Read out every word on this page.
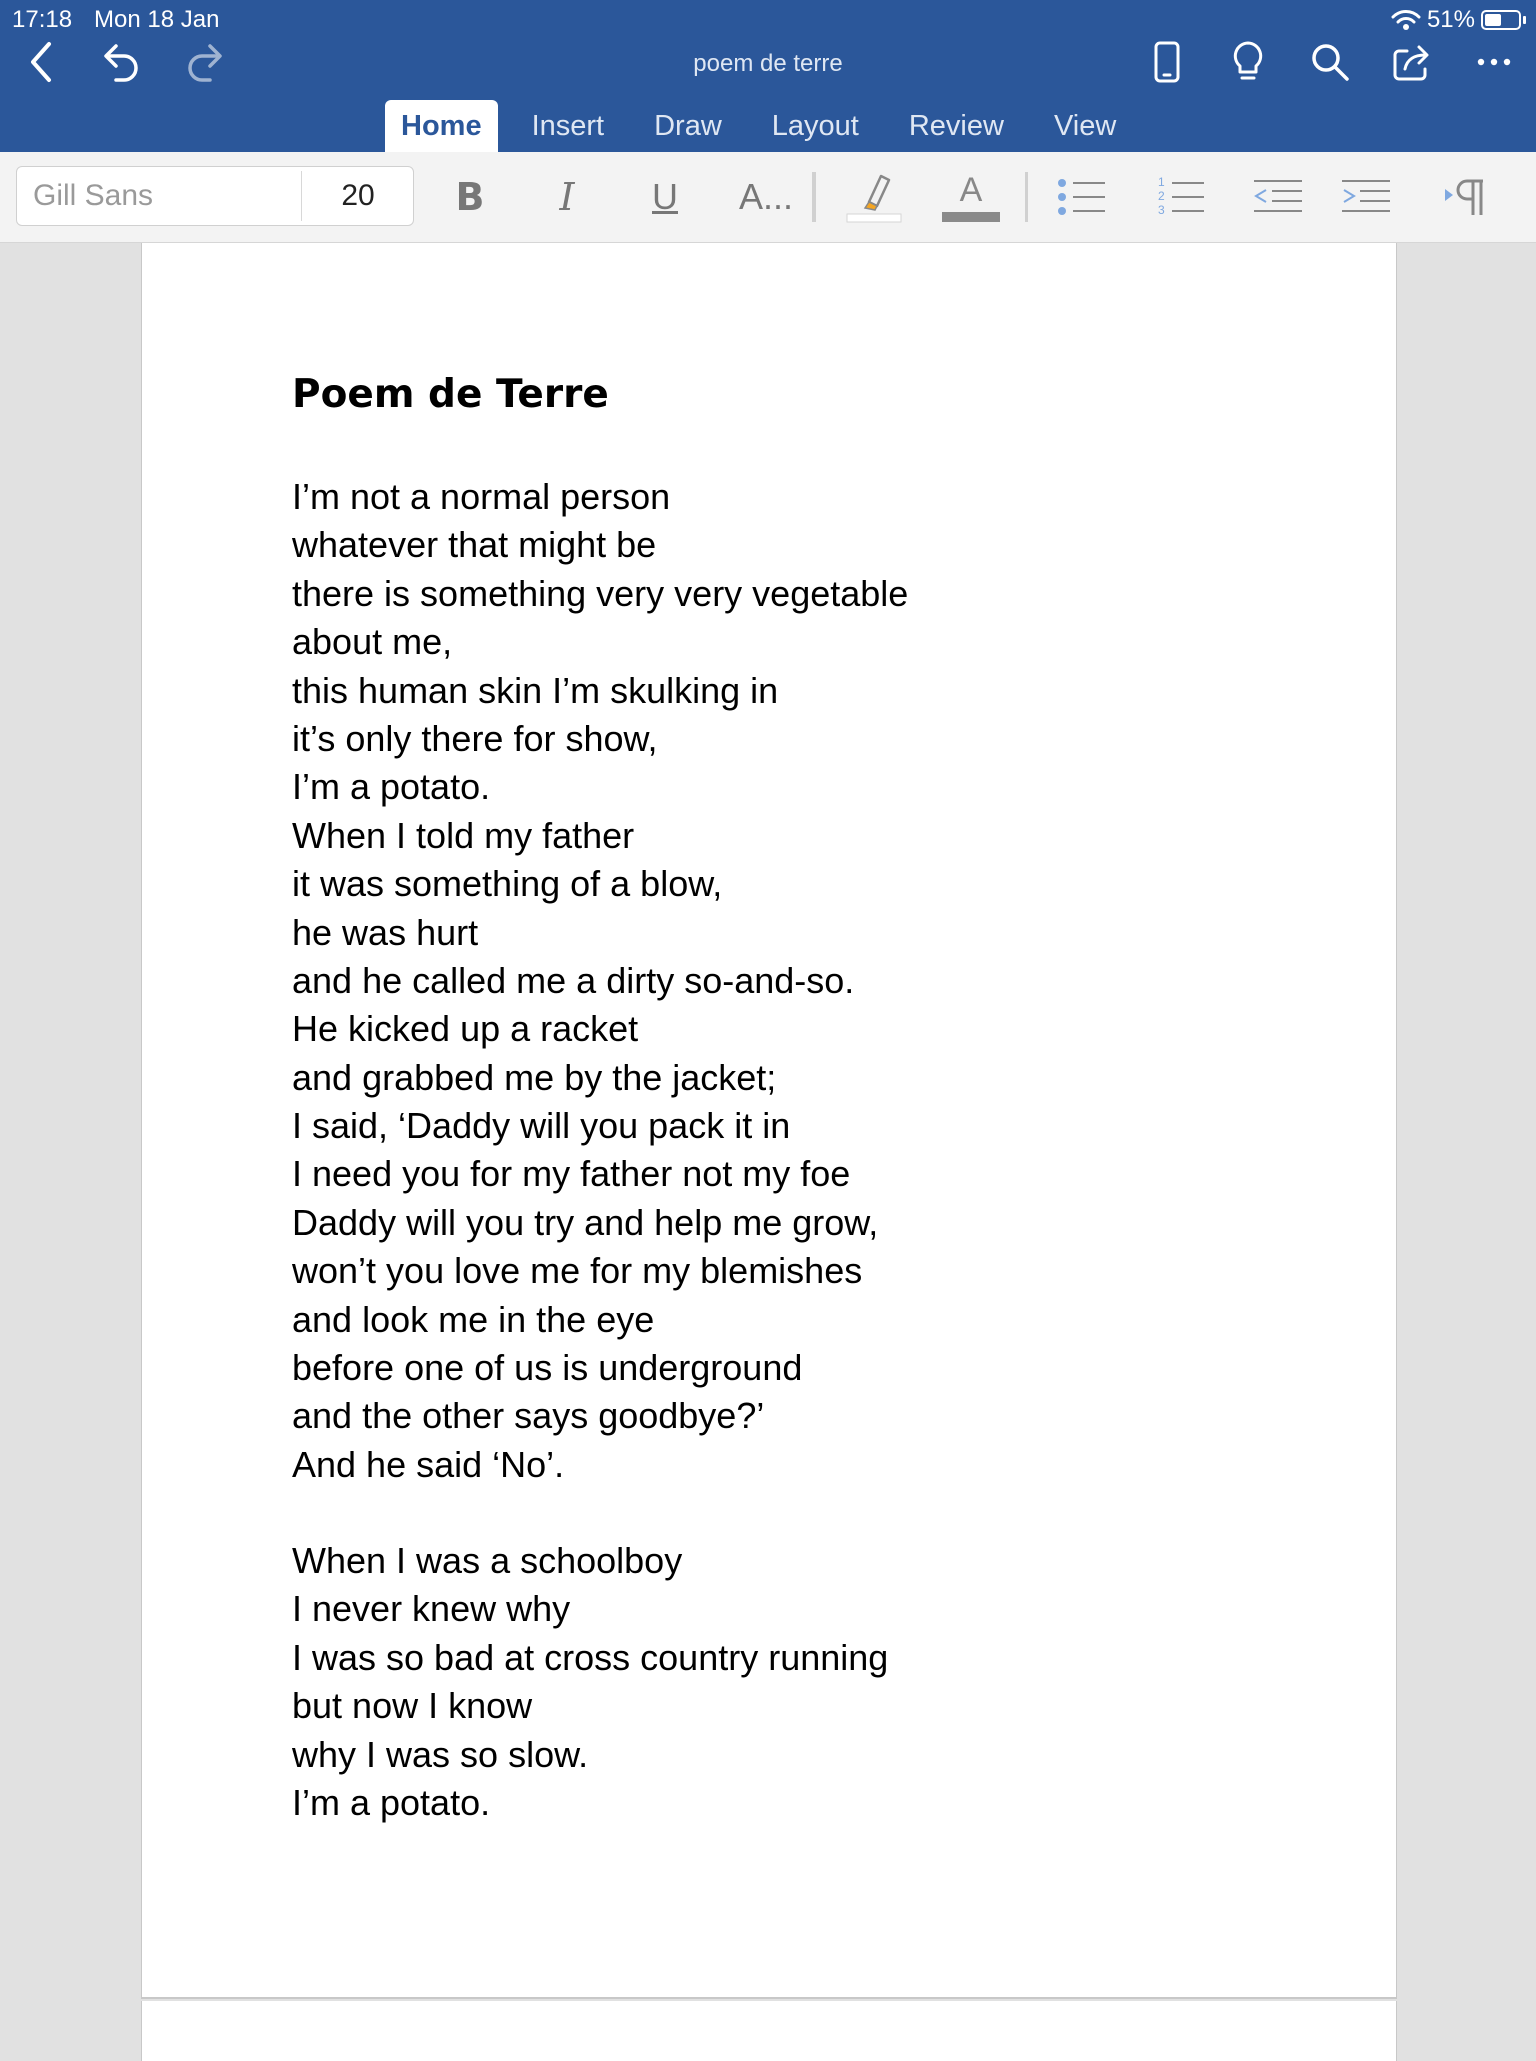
17:18 Mon 18 Jan	51%
poem de terre
Home	Insert	Draw	Layout	Review	View
Gill Sans	20	B	I	U A...	A	1
2
3
Poem de Terre
I’m not a normal person
whatever that might be
there is something very very vegetable
about me,
this human skin I’m skulking in
it’s only there for show,
I’m a potato.
When I told my father
it was something of a blow,
he was hurt
and he called me a dirty so-and-so.
He kicked up a racket
and grabbed me by the jacket;
I said, ‘Daddy will you pack it in
I need you for my father not my foe
Daddy will you try and help me grow,
won’t you love me for my blemishes
and look me in the eye
before one of us is underground
and the other says goodbye?’
And he said ‘No’.
When I was a schoolboy
I never knew why
I was so bad at cross country running
but now I know
why I was so slow.
I’m a potato.
